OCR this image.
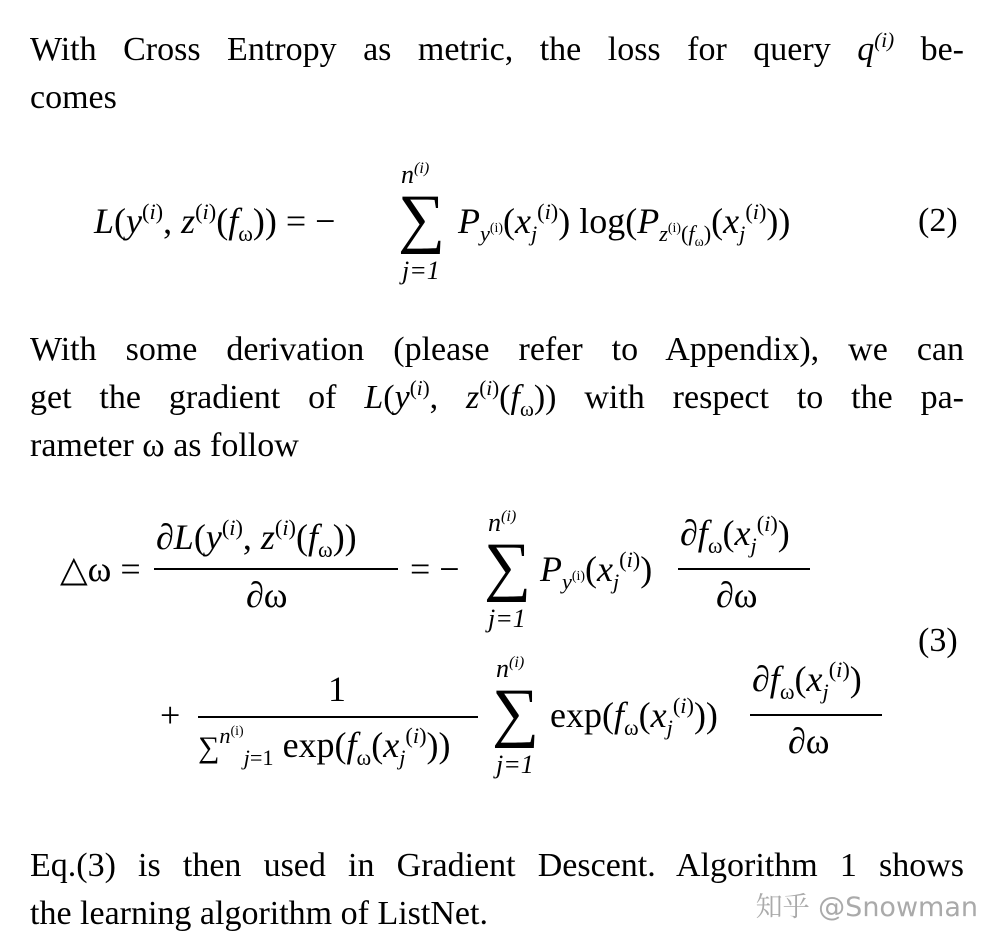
With Cross Entropy as metric, the loss for query $q^{(i)}$ be-
comes
$L(y^{(i)}$, $z^{(i)}(f_\omega)$) = −
$n^{(i)}$
∑
j=1
$P_{y^{(i)}}(x_j^{(i)})$ $\log(P_{z^{(i)}(f_\omega)}(x_j^{(i)}))$	(2)
With some derivation (please refer to Appendix), we can
get the gradient of $L(y^{(i)}$, $z^{(i)}(f_\omega)$) with respect to the pa-
rameter ω as follow
△ω =
$\partial L(y^{(i)}$, $z^{(i)}(f_\omega)$)
∂ω
= −
$n^{(i)}$
∑
j=1
$P_{y^{(i)}}(x_j^{(i)})$
$\partial f_\omega(x_j^{(i)})$
∂ω
(3)
+
1
∑$^{n^{(i)}}_{j=1}$ $\exp(f_\omega(x_j^{(i)}))$
$n^{(i)}$
∑
j=1
$\exp(f_\omega(x_j^{(i)}))$
$\partial f_\omega(x_j^{(i)})$
∂ω
Eq.(3) is then used in Gradient Descent. Algorithm 1 shows
the learning algorithm of ListNet.	知乎 @Snowman
